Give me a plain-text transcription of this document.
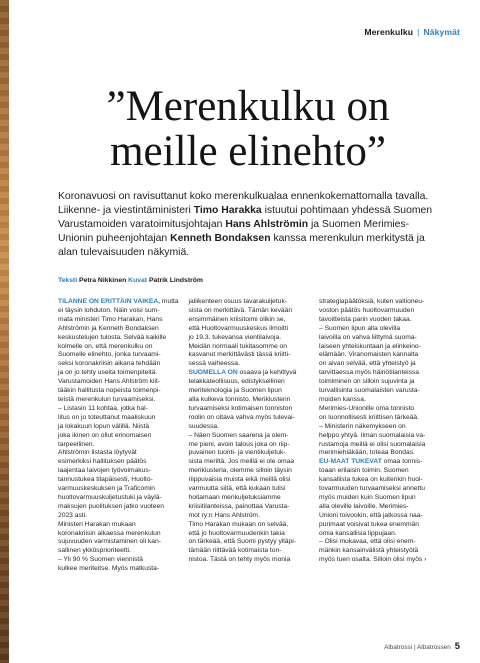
Merenkulku | Näkymät
”Merenkulku on
meille elinehto”

Koronavuosi on ravisuttanut koko merenkulkualaa ennenkokemattomalla tavalla. Liikenne- ja viestintäministeri Timo Harakka istuutui pohtimaan yhdessä Suomen Varustamoiden varatoimitusjohtajan Hans Ahlströmin ja Suomen Merimies-Unionin puheenjohtajan Kenneth Bondaksen kanssa merenkulun merkitystä ja alan tulevaisuuden näkymiä.

Teksti Petra Nikkinen Kuvat Patrik Lindström

TILANNE ON ERITTÄIN VAIKEA, mutta
ei täysin lohduton. Näin voisi sum-
mata ministeri Timo Harakan, Hans
Ahlströmin ja Kenneth Bondaksen
keskustelujen tulosta. Selvää kaikille
kolmelle on, että merenkulku on
Suomelle elinehto, jonka turvaami-
seksi koronakriisin aikana tehdään
ja on jo tehty useita toimenpiteitä.
Varustamoiden Hans Ahlström kiit-
tääkin hallitusta nopeista toimenpi-
teistä merenkulun turvaamiseksi.

– Listasin 11 kohtaa, jotka hal-
litus on jo toteuttanut maaliskuun
ja lokakuun lopun välillä. Niistä
joka ikinen on ollut erinomaisen
tarpeellinen.

Ahlströmin listasta löytyvät
esimerkiksi hallituksen päätös
laajentaa laivojen työvoimakus-
tannustukea tilapäisesti, Huolto-
varmuuskeskuksen ja Traficomin
huoltovarmuuskuljetustuki ja väylä-
maksujen puolituksen jatko vuoteen
2023 asti.

Ministeri Harakan mukaan
koronakriisin alkaessa merenkulun
sujuvuuden varmistaminen oli kan-
sallinen ykkösprioriteetti.

– Yli 90 % Suomen viennistä
kulkee meriteitse. Myös matkusta-

jaliikenteen osuus tavarakuljetuk-
sista on merkittävä. Tämän kevään
ensimmäinen kriisitoimi olikin se,
että Huoltovarmuuskeskus ilmoitti
jo 19.3. tukevansa vientilaivoja.
Meidän normaali tukitasomme on
kasvanut merkittävästi tässä kriitti-
sessä vaiheessa.

SUOMELLA ON osaava ja kehittyvä
telakkateollisuus, edistyksellinen
meriteknologia ja Suomen lipun
alla kulkeva tonnisto. Meriklusterin
turvaamiseksi kotimaisen tonniston
roolin on oltava vahva myös tulevai-
suudessa.

– Näen Suomen saarena ja olem-
me pieni, avoin talous joka on riip-
puvainen tuonti- ja vientikuljetuk-
sista meriltä. Jos meillä ei ole omaa
meriklusteria, olemme silloin täysin
riippuvaisia muista eikä meillä olisi
varmuutta siitä, että kukaan tulisi
hoitamaan merikuljetuksiamme
kriisitilanteissa, painottaa Varusta-
mot ry:n Hans Ahlström.

Timo Harakan mukaan on selvää,
että jo huoltovarmuudenkin takia
on tärkeää, että Suomi pystyy ylläpi-
tämään riittävää kotimaista ton-
nistoa. Tästä on tehty myös monia

strategiapäätöksiä, kuten valtioneu-
voston päätös huoltovarmuuden
tavoitteista parin vuoden takaa.

– Suomen lipun alla olevilla
laivoilla on vahva liittymä suoma-
laiseen yhteiskuntaan ja elinkeino-
elämään. Viranomaisten kannalta
on aivan selvää, että yhteistyö ja
tarvittaessa myös häiriötilanteissa
toimiminen on silloin sujuvinta ja
turvallisinta suomalaisten varusta-
moiden kanssa.

Merimies-Unionille oma tonnisto
on luonnollisesti kriittisen tärkeää.

– Ministerin näkemykseen on
helppo yhtyä. Ilman suomalaisia va-
rustamoja meillä ei olisi suomalaisia
merimiehiäkään, toteaa Bondas.

EU-MAAT TUKEVAT omaa tonnis-
toaan erilaisin toimin. Suomen
kansallista tukea on kuitenkin huol-
tovarmuuden turvaamiseksi annettu
myös muiden kuin Suomen lipun
alla oleville laivoille. Merimies-
Unioni toivookin, että jatkossa naa-
purimaat voisivat tukea enemmän
omia kansallisia lippujaan.

– Olisi mukavaa, että olisi enem-
mänkin kansainvälistä yhteistyötä
myös tuen osalta. Silloin olisi myös ›

Albatrossi | Albatrossen 5
